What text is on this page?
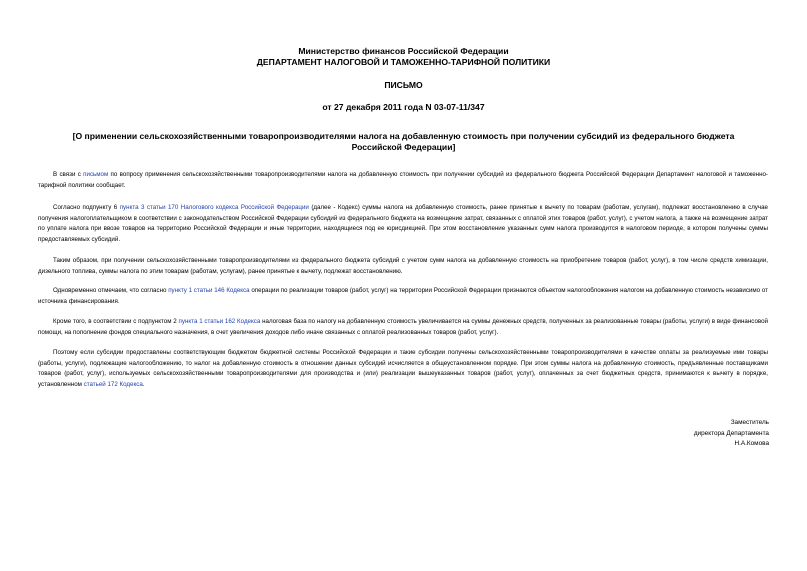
Министерство финансов Российской Федерации

ДЕПАРТАМЕНТ НАЛОГОВОЙ И ТАМОЖЕННО-ТАРИФНОЙ ПОЛИТИКИ

ПИСЬМО

от 27 декабря 2011 года N 03-07-11/347

[О применении сельскохозяйственными товаропроизводителями налога на добавленную стоимость при получении субсидий из федерального бюджета Российской Федерации]

В связи с письмом по вопросу применения сельскохозяйственными товаропроизводителями налога на добавленную стоимость при получении субсидий из федерального бюджета Российской Федерации Департамент налоговой и таможенно-тарифной политики сообщает.

Согласно подпункту 6 пункта 3 статьи 170 Налогового кодекса Российской Федерации (далее - Кодекс) суммы налога на добавленную стоимость, ранее принятые к вычету по товарам (работам, услугам), подлежат восстановлению в случае получения налогоплательщиком в соответствии с законодательством Российской Федерации субсидий из федерального бюджета на возмещение затрат, связанных с оплатой этих товаров (работ, услуг), с учетом налога, а также на возмещение затрат по уплате налога при ввозе товаров на территорию Российской Федерации и иные территории, находящиеся под ее юрисдикцией. При этом восстановление указанных сумм налога производится в налоговом периоде, в котором получены суммы предоставляемых субсидий.

Таким образом, при получении сельскохозяйственными товаропроизводителями из федерального бюджета субсидий с учетом сумм налога на добавленную стоимость на приобретение товаров (работ, услуг), в том числе средств химизации, дизельного топлива, суммы налога по этим товарам (работам, услугам), ранее принятые к вычету, подлежат восстановлению.

Одновременно отмечаем, что согласно пункту 1 статьи 146 Кодекса операции по реализации товаров (работ, услуг) на территории Российской Федерации признаются объектом налогообложения налогом на добавленную стоимость независимо от источника финансирования.

Кроме того, в соответствии с подпунктом 2 пункта 1 статьи 162 Кодекса налоговая база по налогу на добавленную стоимость увеличивается на суммы денежных средств, полученных за реализованные товары (работы, услуги) в виде финансовой помощи, на пополнение фондов специального назначения, в счет увеличения доходов либо иначе связанных с оплатой реализованных товаров (работ, услуг).

Поэтому если субсидии предоставлены соответствующим бюджетом бюджетной системы Российской Федерации и такие субсидии получены сельскохозяйственными товаропроизводителями в качестве оплаты за реализуемые ими товары (работы, услуги), подлежащие налогообложению, то налог на добавленную стоимость в отношении данных субсидий исчисляется в общеустановленном порядке. При этом суммы налога на добавленную стоимость, предъявленные поставщиками товаров (работ, услуг), используемых сельскохозяйственными товаропроизводителями для производства и (или) реализации вышеуказанных товаров (работ, услуг), оплаченных за счет бюджетных средств, принимаются к вычету в порядке, установленном статьей 172 Кодекса.

Заместитель
директора Департамента
Н.А.Комова
